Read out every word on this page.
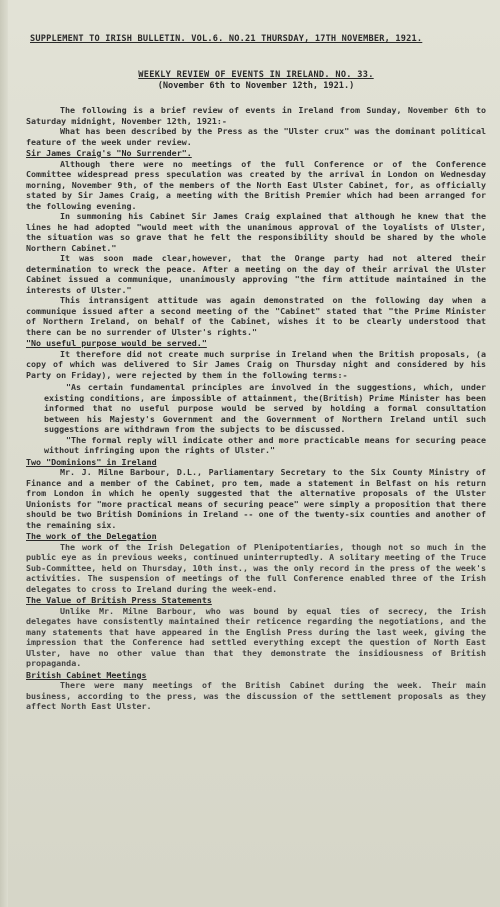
SUPPLEMENT TO IRISH BULLETIN. VOL.6. NO.21 THURSDAY, 17TH NOVEMBER, 1921.
WEEKLY REVIEW OF EVENTS IN IRELAND. NO. 33.
(November 6th to November 12th, 1921.)

The following is a brief review of events in Ireland from Sunday, November 6th to Saturday midnight, November 12th, 1921:-

What has been described by the Press as the "Ulster crux" was the dominant political feature of the week under review.

Sir James Craig's "No Surrender".

Although there were no meetings of the full Conference or of the Conference Committee widespread press speculation was created by the arrival in London on Wednesday morning, November 9th, of the members of the North East Ulster Cabinet, for, as officially stated by Sir James Craig, a meeting with the British Premier which had been arranged for the following evening.

In summoning his Cabinet Sir James Craig explained that although he knew that the lines he had adopted "would meet with the unanimous approval of the loyalists of Ulster, the situation was so grave that he felt the responsibility should be shared by the whole Northern Cabinet."

It was soon made clear,however, that the Orange party had not altered their determination to wreck the peace. After a meeting on the day of their arrival the Ulster Cabinet issued a communique, unanimously approving "the firm attitude maintained in the interests of Ulster."

This intransigent attitude was again demonstrated on the following day when a communique issued after a second meeting of the "Cabinet" stated that "the Prime Minister of Northern Ireland, on behalf of the Cabinet, wishes it to be clearly understood that there can be no surrender of Ulster's rights."

"No useful purpose would be served."

It therefore did not create much surprise in Ireland when the British proposals, (a copy of which was delivered to Sir James Craig on Thursday night and considered by his Party on Friday), were rejected by them in the following terms:-

"As certain fundamental principles are involved in the suggestions, which, under existing conditions, are impossible of attainment, the(British) Prime Minister has been informed that no useful purpose would be served by holding a formal consultation between his Majesty's Government and the Government of Northern Ireland until such suggestions are withdrawn from the subjects to be discussed.

"The formal reply will indicate other and more practicable means for securing peace without infringing upon the rights of Ulster."

Two "Dominions" in Ireland

Mr. J. Milne Barbour, D.L., Parliamentary Secretary to the Six County Ministry of Finance and a member of the Cabinet, pro tem, made a statement in Belfast on his return from London in which he openly suggested that the alternative proposals of the Ulster Unionists for "more practical means of securing peace" were simply a proposition that there should be two British Dominions in Ireland -- one of the twenty-six counties and another of the remaining six.

The work of the Delegation

The work of the Irish Delegation of Plenipotentiaries, though not so much in the public eye as in previous weeks, continued uninterruptedly. A solitary meeting of the Truce Sub-Committee, held on Thursday, 10th inst., was the only record in the press of the week's activities. The suspension of meetings of the full Conference enabled three of the Irish delegates to cross to Ireland during the week-end.

The Value of British Press Statements

Unlike Mr. Milne Barbour, who was bound by equal ties of secrecy, the Irish delegates have consistently maintained their reticence regarding the negotiations, and the many statements that have appeared in the English Press during the last week, giving the impression that the Conference had settled everything except the question of North East Ulster, have no other value than that they demonstrate the insidiousness of British propaganda.

British Cabinet Meetings

There were many meetings of the British Cabinet during the week. Their main business, according to the press, was the discussion of the settlement proposals as they affect North East Ulster.
